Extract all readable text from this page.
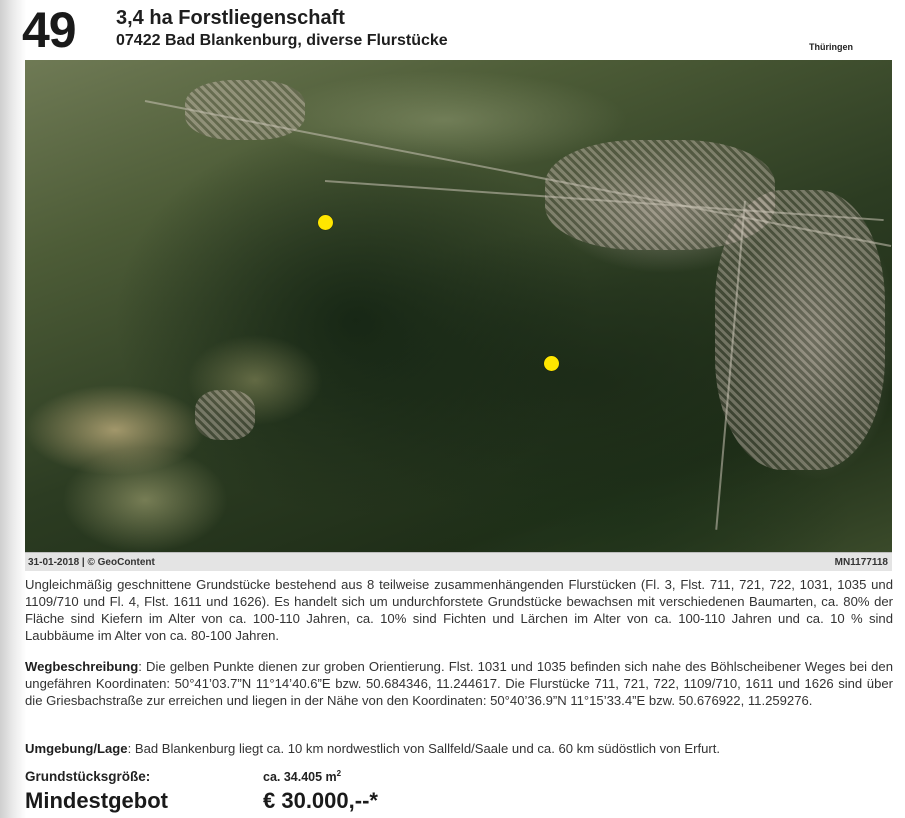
49 3,4 ha Forstliegenschaft
07422 Bad Blankenburg, diverse Flurstücke	Thüringen
31-01-2018 | © GeoContent	MN1177118
Ungleichmäßig geschnittene Grundstücke bestehend aus 8 teilweise zusammenhängenden Flurstücken (Fl. 3, Flst. 711, 721, 722, 1031, 1035 und 1109/710 und Fl. 4, Flst. 1611 und 1626). Es handelt sich um undurchforstete Grundstücke bewachsen mit verschiedenen Baumarten, ca. 80% der Fläche sind Kiefern im Alter von ca. 100-110 Jahren, ca. 10% sind Fichten und Lärchen im Alter von ca. 100-110 Jahren und ca. 10 % sind Laubbäume im Alter von ca. 80-100 Jahren.
Wegbeschreibung: Die gelben Punkte dienen zur groben Orientierung. Flst. 1031 und 1035 befinden sich nahe des Böhlscheibener Weges bei den ungefähren Koordinaten: 50°41’03.7”N 11°14’40.6”E bzw. 50.684346, 11.244617. Die Flurstücke 711, 721, 722, 1109/710, 1611 und 1626 sind über die Griesbachstraße zur erreichen und liegen in der Nähe von den Koordinaten: 50°40’36.9”N 11°15’33.4”E bzw. 50.676922, 11.259276.
Umgebung/Lage: Bad Blankenburg liegt ca. 10 km nordwestlich von Sallfeld/Saale und ca. 60 km südöstlich von Erfurt.
Grundstücksgröße:	ca. 34.405 $m^2$
Mindestgebot	€ 30.000,--*
